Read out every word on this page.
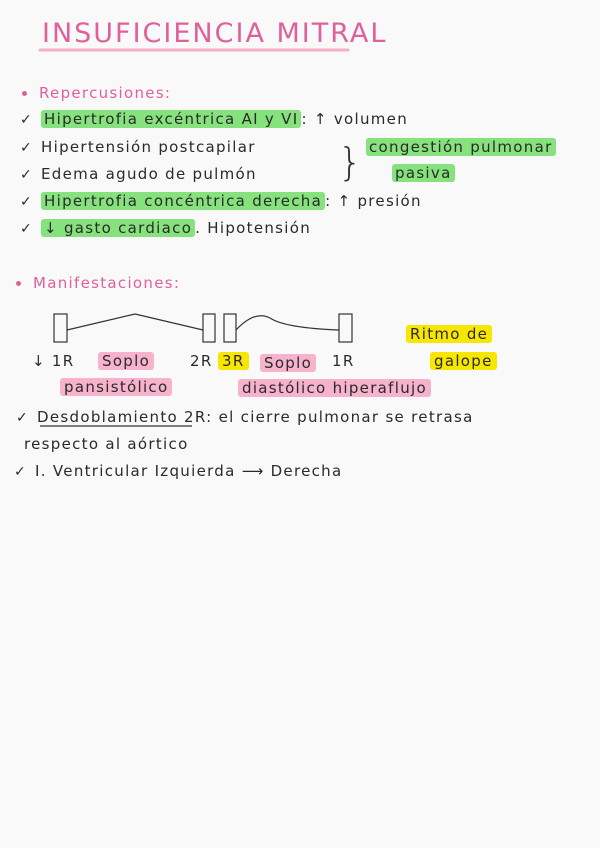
INSUFICIENCIA MITRAL
Repercusiones:
✓ Hipertrofia excéntrica AI y VI : ↑ volumen
✓ Hipertensión postcapilar
✓ Edema agudo de pulmón } congestión pulmonar
pasiva
✓ Hipertrofia concéntrica derecha : ↑ presión
✓ ↓ gasto cardiaco . Hipotensión
Manifestaciones:
Ritmo de
galope
↓ 1R Soplo	2R 3R Soplo 1R
pansistólico	diastólico hiperaflujo
✓ Desdoblamiento 2R: el cierre pulmonar se retrasa
respecto al aórtico
✓ I. Ventricular Izquierda ⟶ Derecha
